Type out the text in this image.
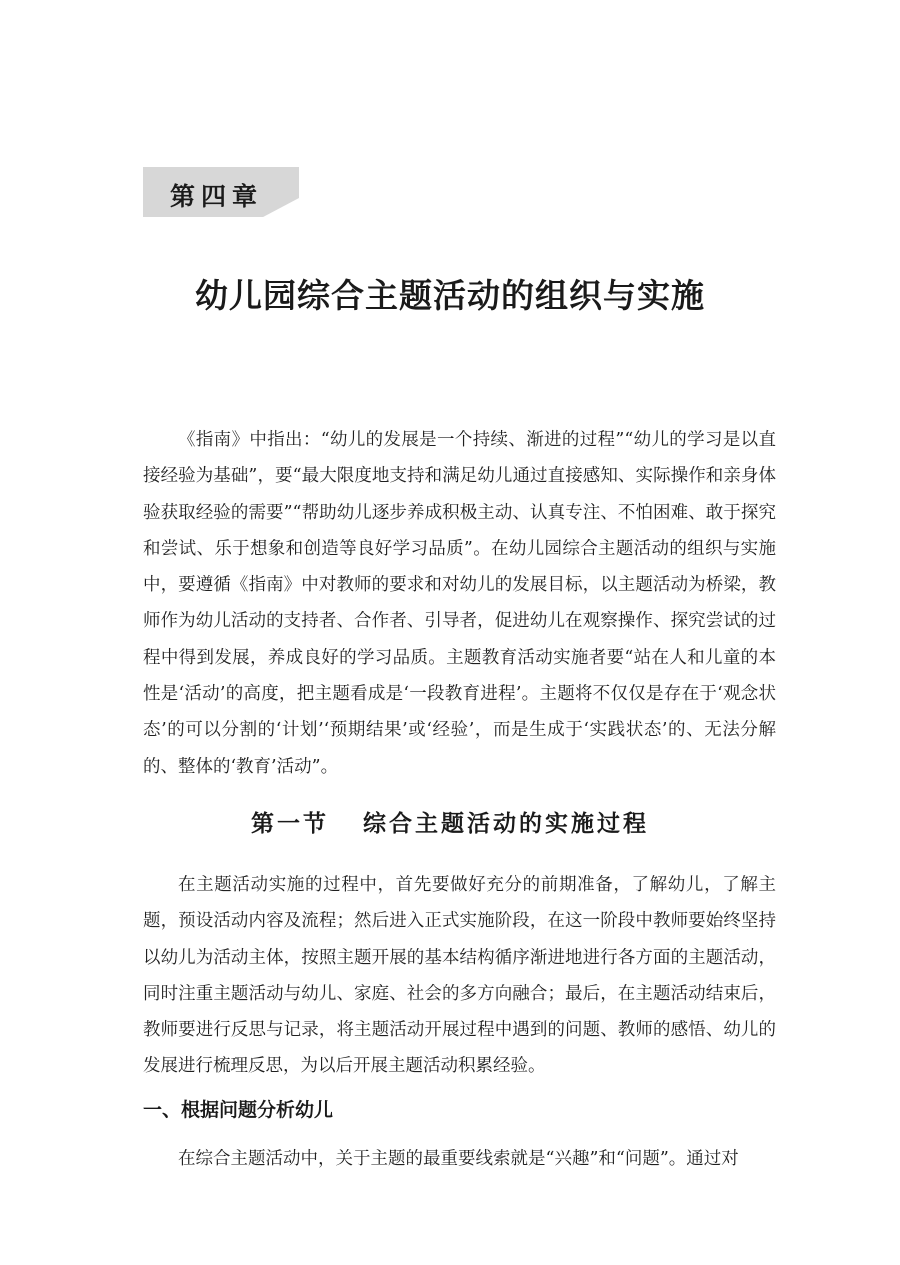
第四章
幼儿园综合主题活动的组织与实施

《指南》中指出：“幼儿的发展是一个持续、渐进的过程”“幼儿的学习是以直接经验为基础”，要“最大限度地支持和满足幼儿通过直接感知、实际操作和亲身体验获取经验的需要”“帮助幼儿逐步养成积极主动、认真专注、不怕困难、敢于探究和尝试、乐于想象和创造等良好学习品质”。在幼儿园综合主题活动的组织与实施中，要遵循《指南》中对教师的要求和对幼儿的发展目标，以主题活动为桥梁，教师作为幼儿活动的支持者、合作者、引导者，促进幼儿在观察操作、探究尝试的过程中得到发展，养成良好的学习品质。主题教育活动实施者要“站在人和儿童的本性是‘活动’的高度，把主题看成是‘一段教育进程’。主题将不仅仅是存在于‘观念状态’的可以分割的‘计划’‘预期结果’或‘经验’，而是生成于‘实践状态’的、无法分解的、整体的‘教育’活动”。

第一节 综合主题活动的实施过程

在主题活动实施的过程中，首先要做好充分的前期准备，了解幼儿，了解主题，预设活动内容及流程；然后进入正式实施阶段，在这一阶段中教师要始终坚持以幼儿为活动主体，按照主题开展的基本结构循序渐进地进行各方面的主题活动，同时注重主题活动与幼儿、家庭、社会的多方向融合；最后，在主题活动结束后，教师要进行反思与记录，将主题活动开展过程中遇到的问题、教师的感悟、幼儿的发展进行梳理反思，为以后开展主题活动积累经验。

一、根据问题分析幼儿

在综合主题活动中，关于主题的最重要线索就是“兴趣”和“问题”。通过对
